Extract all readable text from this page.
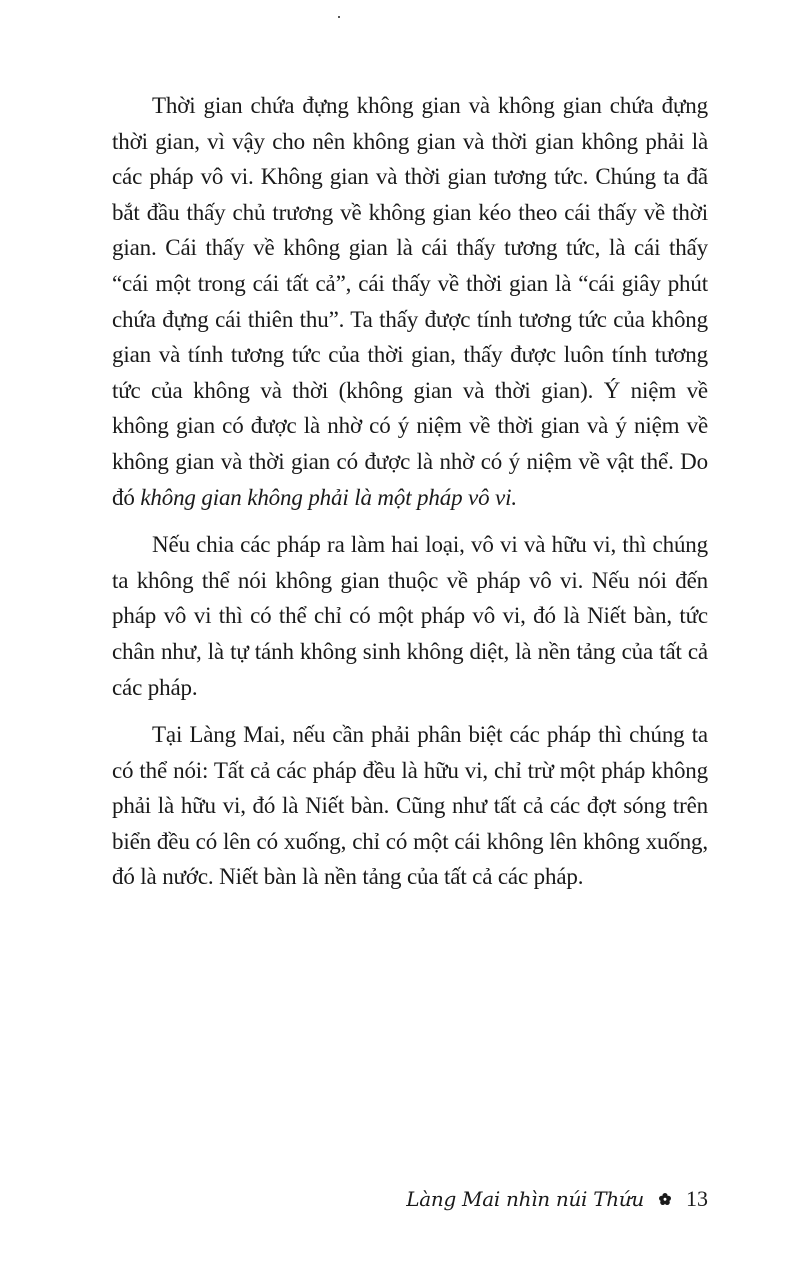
Thời gian chứa đựng không gian và không gian chứa đựng thời gian, vì vậy cho nên không gian và thời gian không phải là các pháp vô vi. Không gian và thời gian tương tức. Chúng ta đã bắt đầu thấy chủ trương về không gian kéo theo cái thấy về thời gian. Cái thấy về không gian là cái thấy tương tức, là cái thấy “cái một trong cái tất cả”, cái thấy về thời gian là “cái giây phút chứa đựng cái thiên thu”. Ta thấy được tính tương tức của không gian và tính tương tức của thời gian, thấy được luôn tính tương tức của không và thời (không gian và thời gian). Ý niệm về không gian có được là nhờ có ý niệm về thời gian và ý niệm về không gian và thời gian có được là nhờ có ý niệm về vật thể. Do đó không gian không phải là một pháp vô vi.

Nếu chia các pháp ra làm hai loại, vô vi và hữu vi, thì chúng ta không thể nói không gian thuộc về pháp vô vi. Nếu nói đến pháp vô vi thì có thể chỉ có một pháp vô vi, đó là Niết bàn, tức chân như, là tự tánh không sinh không diệt, là nền tảng của tất cả các pháp.

Tại Làng Mai, nếu cần phải phân biệt các pháp thì chúng ta có thể nói: Tất cả các pháp đều là hữu vi, chỉ trừ một pháp không phải là hữu vi, đó là Niết bàn. Cũng như tất cả các đợt sóng trên biển đều có lên có xuống, chỉ có một cái không lên không xuống, đó là nước. Niết bàn là nền tảng của tất cả các pháp.

Làng Mai nhìn núi Thứu 13
